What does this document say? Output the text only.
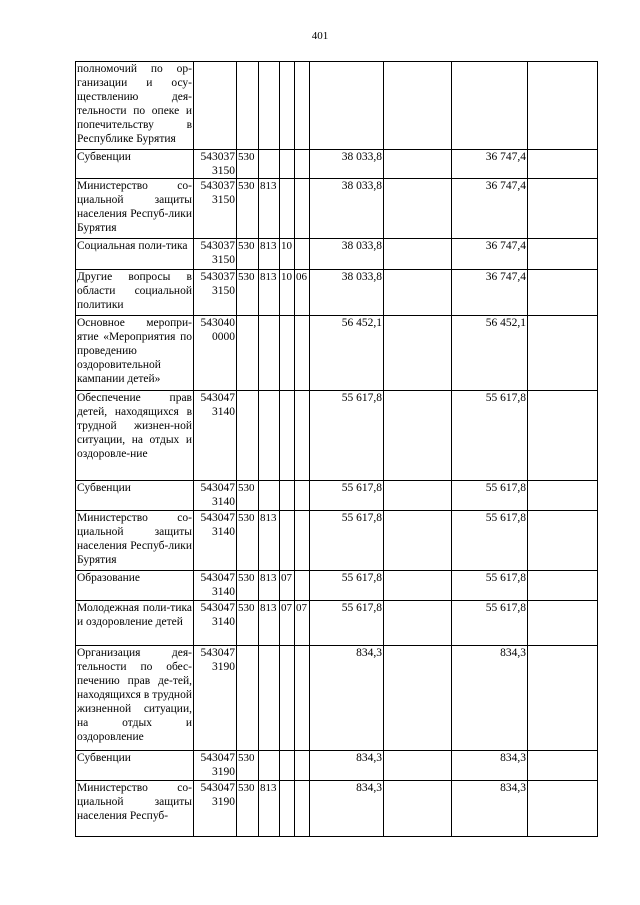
401
полномочий по ор-ганизации и осу-ществлению дея-тельности по опеке и попечительству в Республике Бурятия									
Субвенции	5430373150	530				38 033,8		36 747,4	
Министерство со-циальной защиты населения Респуб-лики Бурятия	5430373150	530	813			38 033,8		36 747,4	
Социальная поли-тика	5430373150	530	813	10		38 033,8		36 747,4	
Другие вопросы в области социальной политики	5430373150	530	813	10	06	38 033,8		36 747,4	
Основное меропри-ятие «Мероприятия по проведению оздоровительной кампании детей»	5430400000					56 452,1		56 452,1	
Обеспечение прав детей, находящихся в трудной жизнен-ной ситуации, на отдых и оздоровле-ние	5430473140					55 617,8		55 617,8	
Субвенции	5430473140	530				55 617,8		55 617,8	
Министерство со-циальной защиты населения Респуб-лики Бурятия	5430473140	530	813			55 617,8		55 617,8	
Образование	5430473140	530	813	07		55 617,8		55 617,8	
Молодежная поли-тика и оздоровление детей	5430473140	530	813	07	07	55 617,8		55 617,8	
Организация дея-тельности по обес-печению прав де-тей, находящихся в трудной жизненной ситуации, на отдых и оздоровление	5430473190					834,3		834,3	
Субвенции	5430473190	530				834,3		834,3	
Министерство со-циальной защиты населения Респуб-	5430473190	530	813			834,3		834,3	
